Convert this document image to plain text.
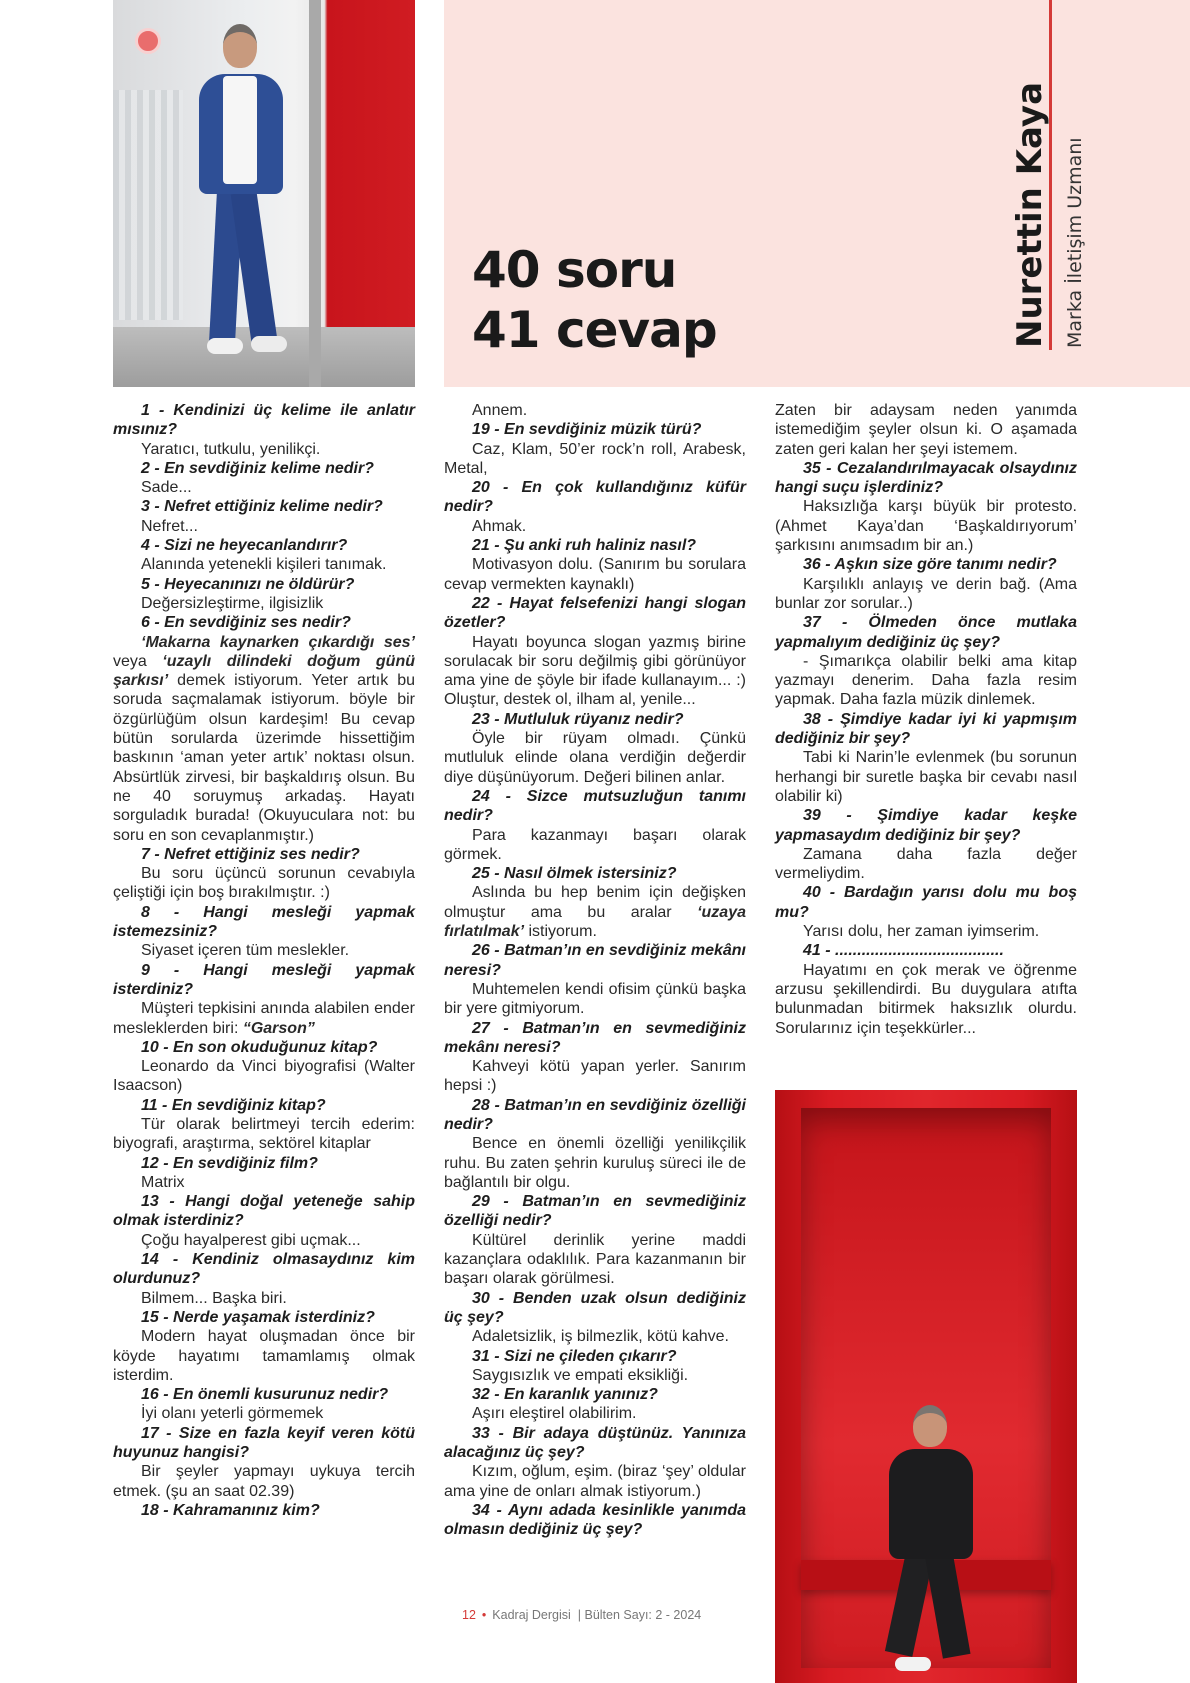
40 soru
41 cevap	Nurettin Kaya Marka İletişim Uzmanı

1 - Kendinizi üç kelime ile anlatır mısınız?

Yaratıcı, tutkulu, yenilikçi.

2 - En sevdiğiniz kelime nedir?

Sade...

3 - Nefret ettiğiniz kelime nedir?

Nefret...

4 - Sizi ne heyecanlandırır?

Alanında yetenekli kişileri tanımak.

5 - Heyecanınızı ne öldürür?

Değersizleştirme, ilgisizlik

6 - En sevdiğiniz ses nedir?

‘Makarna kaynarken çıkardığı ses’ veya ‘uzaylı dilindeki doğum günü şarkısı’ demek istiyorum. Yeter artık bu soruda saçmalamak istiyorum. böyle bir özgürlüğüm olsun kardeşim! Bu cevap bütün sorularda üzerimde hissettiğim baskının ‘aman yeter artık’ noktası olsun. Absürtlük zirvesi, bir başkaldırış olsun. Bu ne 40 soruymuş arkadaş. Hayatı sorguladık burada! (Okuyuculara not: bu soru en son cevaplanmıştır.)

7 - Nefret ettiğiniz ses nedir?

Bu soru üçüncü sorunun cevabıyla çeliştiği için boş bırakılmıştır. :)

8 - Hangi mesleği yapmak istemezsiniz?

Siyaset içeren tüm meslekler.

9 - Hangi mesleği yapmak isterdiniz?

Müşteri tepkisini anında alabilen ender mesleklerden biri: “Garson”

10 - En son okuduğunuz kitap?

Leonardo da Vinci biyografisi (Walter Isaacson)

11 - En sevdiğiniz kitap?

Tür olarak belirtmeyi tercih ederim: biyografi, araştırma, sektörel kitaplar

12 - En sevdiğiniz film?

Matrix

13 - Hangi doğal yeteneğe sahip olmak isterdiniz?

Çoğu hayalperest gibi uçmak...

14 - Kendiniz olmasaydınız kim olurdunuz?

Bilmem... Başka biri.

15 - Nerde yaşamak isterdiniz?

Modern hayat oluşmadan önce bir köyde hayatımı tamamlamış olmak isterdim.

16 - En önemli kusurunuz nedir?

İyi olanı yeterli görmemek

17 - Size en fazla keyif veren kötü huyunuz hangisi?

Bir şeyler yapmayı uykuya tercih etmek. (şu an saat 02.39)

18 - Kahramanınız kim?

Annem.

19 - En sevdiğiniz müzik türü?

Caz, Klam, 50’er rock’n roll, Arabesk, Metal,

20 - En çok kullandığınız küfür nedir?

Ahmak.

21 - Şu anki ruh haliniz nasıl?

Motivasyon dolu. (Sanırım bu sorulara cevap vermekten kaynaklı)

22 - Hayat felsefenizi hangi slogan özetler?

Hayatı boyunca slogan yazmış birine sorulacak bir soru değilmiş gibi görünüyor ama yine de şöyle bir ifade kullanayım... :) Oluştur, destek ol, ilham al, yenile...

23 - Mutluluk rüyanız nedir?

Öyle bir rüyam olmadı. Çünkü mutluluk elinde olana verdiğin değerdir diye düşünüyorum. Değeri bilinen anlar.

24 - Sizce mutsuzluğun tanımı nedir?

Para kazanmayı başarı olarak görmek.

25 - Nasıl ölmek istersiniz?

Aslında bu hep benim için değişken olmuştur ama bu aralar ‘uzaya fırlatılmak’ istiyorum.

26 - Batman’ın en sevdiğiniz mekânı neresi?

Muhtemelen kendi ofisim çünkü başka bir yere gitmiyorum.

27 - Batman’ın en sevmediğiniz mekânı neresi?

Kahveyi kötü yapan yerler. Sanırım hepsi :)

28 - Batman’ın en sevdiğiniz özelliği nedir?

Bence en önemli özelliği yenilikçilik ruhu. Bu zaten şehrin kuruluş süreci ile de bağlantılı bir olgu.

29 - Batman’ın en sevmediğiniz özelliği nedir?

Kültürel derinlik yerine maddi kazançlara odaklılık. Para kazanmanın bir başarı olarak görülmesi.

30 - Benden uzak olsun dediğiniz üç şey?

Adaletsizlik, iş bilmezlik, kötü kahve.

31 - Sizi ne çileden çıkarır?

Saygısızlık ve empati eksikliği.

32 - En karanlık yanınız?

Aşırı eleştirel olabilirim.

33 - Bir adaya düştünüz. Yanınıza alacağınız üç şey?

Kızım, oğlum, eşim. (biraz ‘şey’ oldular ama yine de onları almak istiyorum.)

34 - Aynı adada kesinlikle yanımda olmasın dediğiniz üç şey?

Zaten bir adaysam neden yanımda istemediğim şeyler olsun ki. O aşamada zaten geri kalan her şeyi istemem.

35 - Cezalandırılmayacak olsaydınız hangi suçu işlerdiniz?

Haksızlığa karşı büyük bir protesto. (Ahmet Kaya’dan ‘Başkaldırıyorum’ şarkısını anımsadım bir an.)

36 - Aşkın size göre tanımı nedir?

Karşılıklı anlayış ve derin bağ. (Ama bunlar zor sorular..)

37 - Ölmeden önce mutlaka yapmalıyım dediğiniz üç şey?

- Şımarıkça olabilir belki ama kitap yazmayı denerim. Daha fazla resim yapmak. Daha fazla müzik dinlemek.

38 - Şimdiye kadar iyi ki yapmışım dediğiniz bir şey?

Tabi ki Narin’le evlenmek (bu sorunun herhangi bir suretle başka bir cevabı nasıl olabilir ki)

39 - Şimdiye kadar keşke yapmasaydım dediğiniz bir şey?

Zamana daha fazla değer vermeliydim.

40 - Bardağın yarısı dolu mu boş mu?

Yarısı dolu, her zaman iyimserim.

41 - ......................................

Hayatımı en çok merak ve öğrenme arzusu şekillendirdi. Bu duygulara atıfta bulunmadan bitirmek haksızlık olurdu. Sorularınız için teşekkürler...

12 • Kadraj Dergisi | Bülten Sayı: 2 - 2024
